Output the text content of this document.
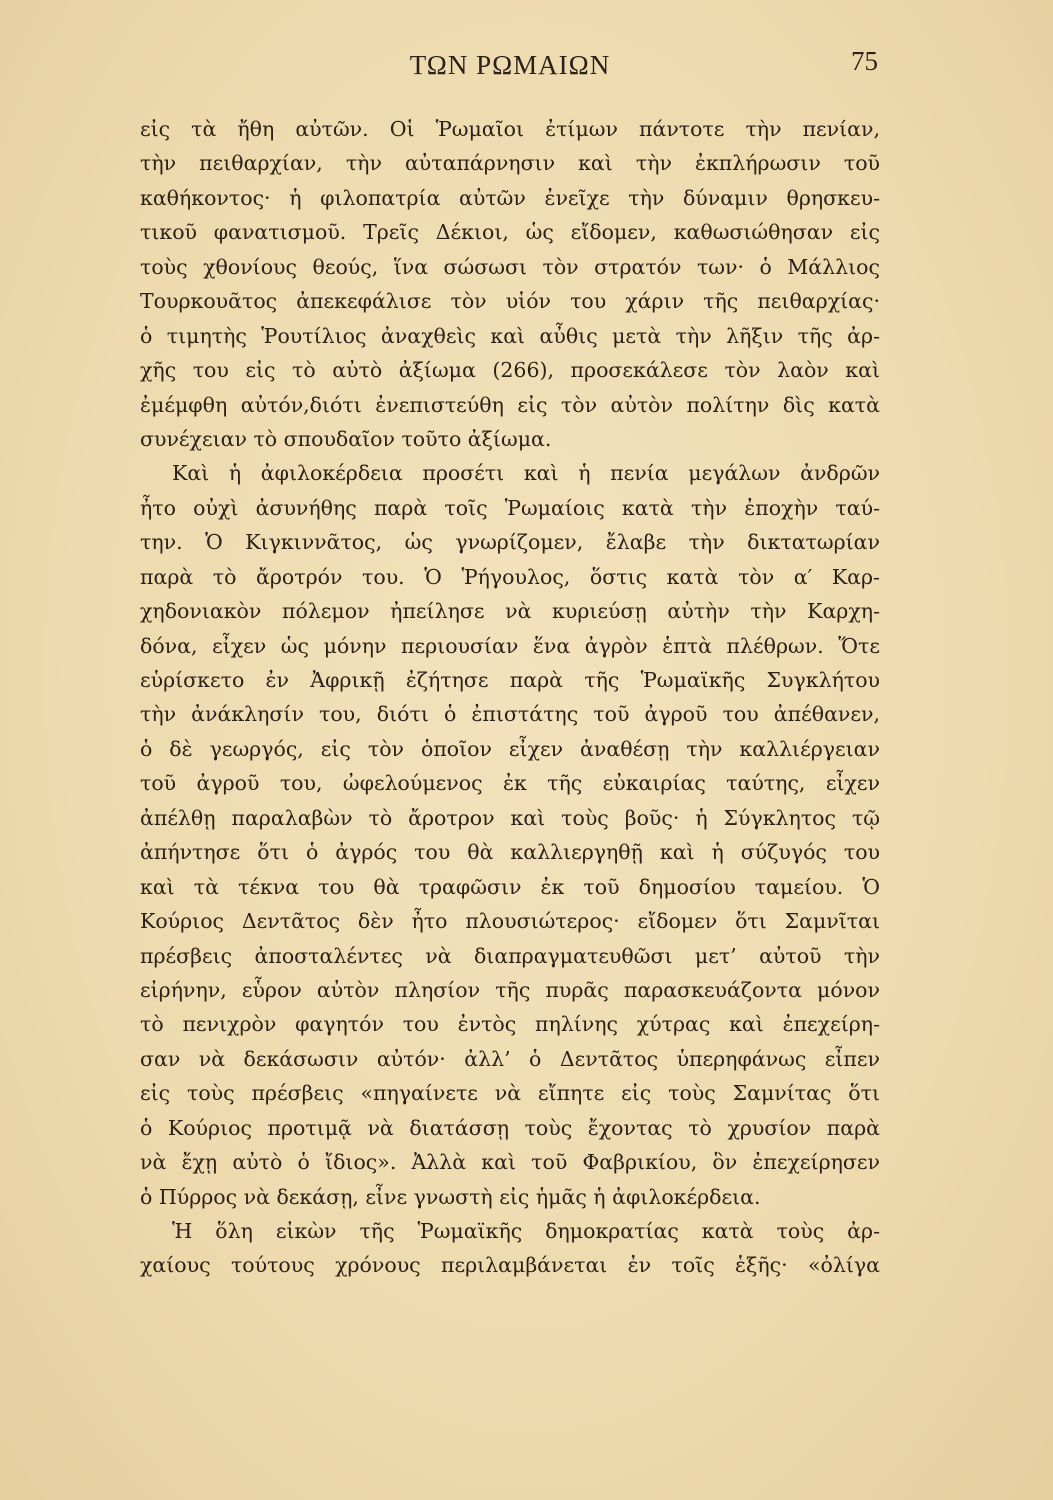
ΤΩΝ ΡΩΜΑΙΩΝ	75
εἰς τὰ ἤθη αὐτῶν. Οἱ Ῥωμαῖοι ἐτίμων πάντοτε τὴν πενίαν,
τὴν πειθαρχίαν, τὴν αὐταπάρνησιν καὶ τὴν ἐκπλήρωσιν τοῦ
καθήκοντος· ἡ φιλοπατρία αὐτῶν ἐνεῖχε τὴν δύναμιν θρησκευ-
τικοῦ φανατισμοῦ. Τρεῖς Δέκιοι, ὡς εἴδομεν, καθωσιώθησαν εἰς
τοὺς χθονίους θεούς, ἵνα σώσωσι τὸν στρατόν των· ὁ Μάλλιος
Τουρκουᾶτος ἀπεκεφάλισε τὸν υἱόν του χάριν τῆς πειθαρχίας·
ὁ τιμητὴς Ῥουτίλιος ἀναχθεὶς καὶ αὖθις μετὰ τὴν λῆξιν τῆς ἀρ-
χῆς του εἰς τὸ αὐτὸ ἀξίωμα (266), προσεκάλεσε τὸν λαὸν καὶ
ἐμέμφθη αὐτόν,διότι ἐνεπιστεύθη εἰς τὸν αὐτὸν πολίτην δὶς κατὰ
συνέχειαν τὸ σπουδαῖον τοῦτο ἀξίωμα.
Καὶ ἡ ἀφιλοκέρδεια προσέτι καὶ ἡ πενία μεγάλων ἀνδρῶν
ἦτο οὐχὶ ἀσυνήθης παρὰ τοῖς Ῥωμαίοις κατὰ τὴν ἐποχὴν ταύ-
την. Ὁ Κιγκιννᾶτος, ὡς γνωρίζομεν, ἔλαβε τὴν δικτατωρίαν
παρὰ τὸ ἄροτρόν του. Ὁ Ῥήγουλος, ὅστις κατὰ τὸν α′ Καρ-
χηδονιακὸν πόλεμον ἠπείλησε νὰ κυριεύσῃ αὐτὴν τὴν Καρχη-
δόνα, εἶχεν ὡς μόνην περιουσίαν ἕνα ἀγρὸν ἑπτὰ πλέθρων. Ὅτε
εὑρίσκετο ἐν Ἀφρικῇ ἐζήτησε παρὰ τῆς Ῥωμαϊκῆς Συγκλήτου
τὴν ἀνάκλησίν του, διότι ὁ ἐπιστάτης τοῦ ἀγροῦ του ἀπέθανεν,
ὁ δὲ γεωργός, εἰς τὸν ὁποῖον εἶχεν ἀναθέσῃ τὴν καλλιέργειαν
τοῦ ἀγροῦ του, ὠφελούμενος ἐκ τῆς εὐκαιρίας ταύτης, εἶχεν
ἀπέλθῃ παραλαβὼν τὸ ἄροτρον καὶ τοὺς βοῦς· ἡ Σύγκλητος τῷ
ἀπήντησε ὅτι ὁ ἀγρός του θὰ καλλιεργηθῇ καὶ ἡ σύζυγός του
καὶ τὰ τέκνα του θὰ τραφῶσιν ἐκ τοῦ δημοσίου ταμείου. Ὁ
Κούριος Δεντᾶτος δὲν ἦτο πλουσιώτερος· εἴδομεν ὅτι Σαμνῖται
πρέσβεις ἀποσταλέντες νὰ διαπραγματευθῶσι μετ’ αὐτοῦ τὴν
εἰρήνην, εὗρον αὐτὸν πλησίον τῆς πυρᾶς παρασκευάζοντα μόνον
τὸ πενιχρὸν φαγητόν του ἐντὸς πηλίνης χύτρας καὶ ἐπεχείρη-
σαν νὰ δεκάσωσιν αὐτόν· ἀλλ’ ὁ Δεντᾶτος ὑπερηφάνως εἶπεν
εἰς τοὺς πρέσβεις «πηγαίνετε νὰ εἴπητε εἰς τοὺς Σαμνίτας ὅτι
ὁ Κούριος προτιμᾷ νὰ διατάσσῃ τοὺς ἔχοντας τὸ χρυσίον παρὰ
νὰ ἔχῃ αὐτὸ ὁ ἴδιος». Ἀλλὰ καὶ τοῦ Φαβρικίου, ὃν ἐπεχείρησεν
ὁ Πύρρος νὰ δεκάσῃ, εἶνε γνωστὴ εἰς ἡμᾶς ἡ ἀφιλοκέρδεια.
Ἡ ὅλη εἰκὼν τῆς Ῥωμαϊκῆς δημοκρατίας κατὰ τοὺς ἀρ-
χαίους τούτους χρόνους περιλαμβάνεται ἐν τοῖς ἑξῆς· «ὀλίγα
